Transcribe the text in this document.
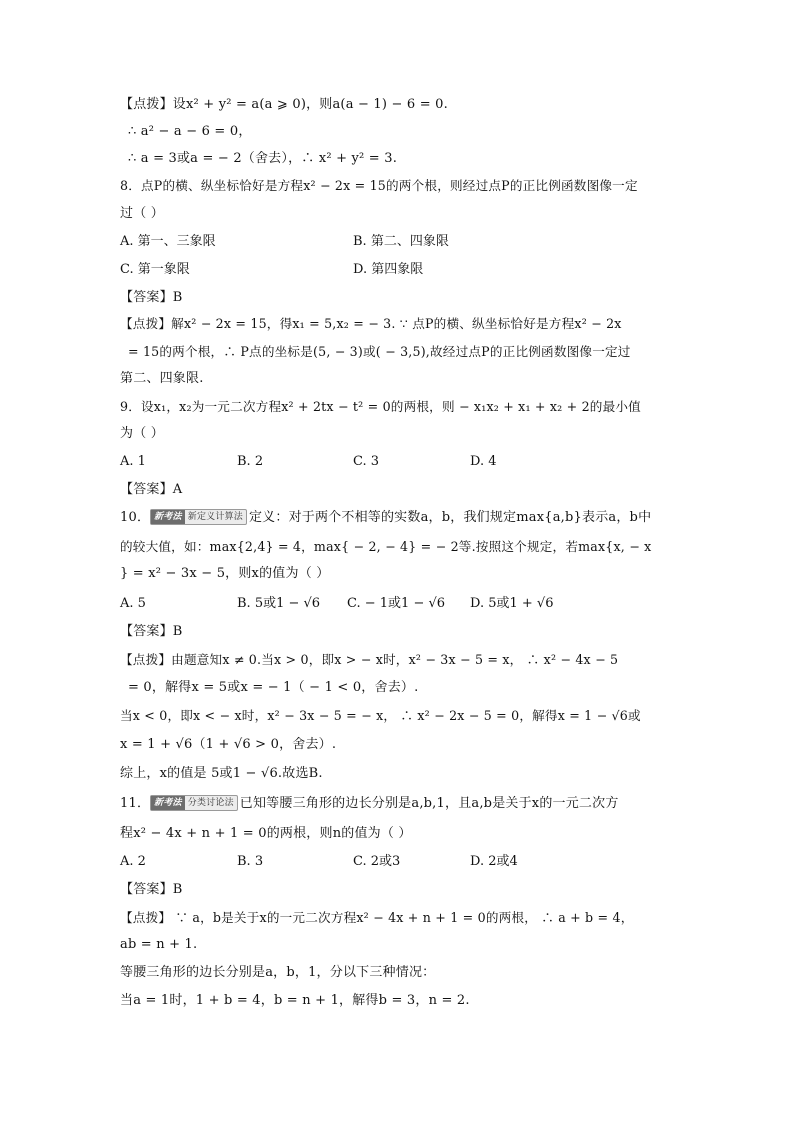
【点拨】设x² + y² = a(a ⩾ 0)，则a(a − 1) − 6 = 0.
∴ a² − a − 6 = 0，
∴ a = 3或a = − 2（舍去），∴ x² + y² = 3.
8．点P的横、纵坐标恰好是方程x² − 2x = 15的两个根，则经过点P的正比例函数图像一定
过（ ）
A. 第一、三象限	B. 第二、四象限
C. 第一象限	D. 第四象限
【答案】B
【点拨】解x² − 2x = 15，得x₁ = 5,x₂ = − 3. ∵ 点P的横、纵坐标恰好是方程x² − 2x
= 15的两个根，∴ P点的坐标是(5, − 3)或( − 3,5),故经过点P的正比例函数图像一定过
第二、四象限.
9．设x₁，x₂为一元二次方程x² + 2tx − t² = 0的两根，则 − x₁x₂ + x₁ + x₂ + 2的最小值
为（ ）
A. 1	B. 2	C. 3	D. 4
【答案】A
10． 新考法 新定义计算法 定义：对于两个不相等的实数a，b，我们规定max{a,b}表示a，b中
的较大值，如：max{2,4} = 4，max{ − 2, − 4} = − 2等.按照这个规定，若max{x, − x
} = x² − 3x − 5，则x的值为（ ）
A. 5	B. 5或1 − √6 C. − 1或1 − √6 D. 5或1 + √6
【答案】B
【点拨】由题意知x ≠ 0.当x > 0，即x > − x时，x² − 3x − 5 = x， ∴ x² − 4x − 5
= 0，解得x = 5或x = − 1（ − 1 < 0，舍去）.
当x < 0，即x < − x时，x² − 3x − 5 = − x， ∴ x² − 2x − 5 = 0，解得x = 1 − √6或
x = 1 + √6（1 + √6 > 0，舍去）.
综上，x的值是 5或1 − √6.故选B.
11． 新考法 分类讨论法 已知等腰三角形的边长分别是a,b,1，且a,b是关于x的一元二次方
程x² − 4x + n + 1 = 0的两根，则n的值为（ ）
A. 2	B. 3	C. 2或3	D. 2或4
【答案】B
【点拨】 ∵ a，b是关于x的一元二次方程x² − 4x + n + 1 = 0的两根， ∴ a + b = 4，
ab = n + 1.
等腰三角形的边长分别是a，b，1，分以下三种情况：
当a = 1时，1 + b = 4，b = n + 1，解得b = 3，n = 2.
